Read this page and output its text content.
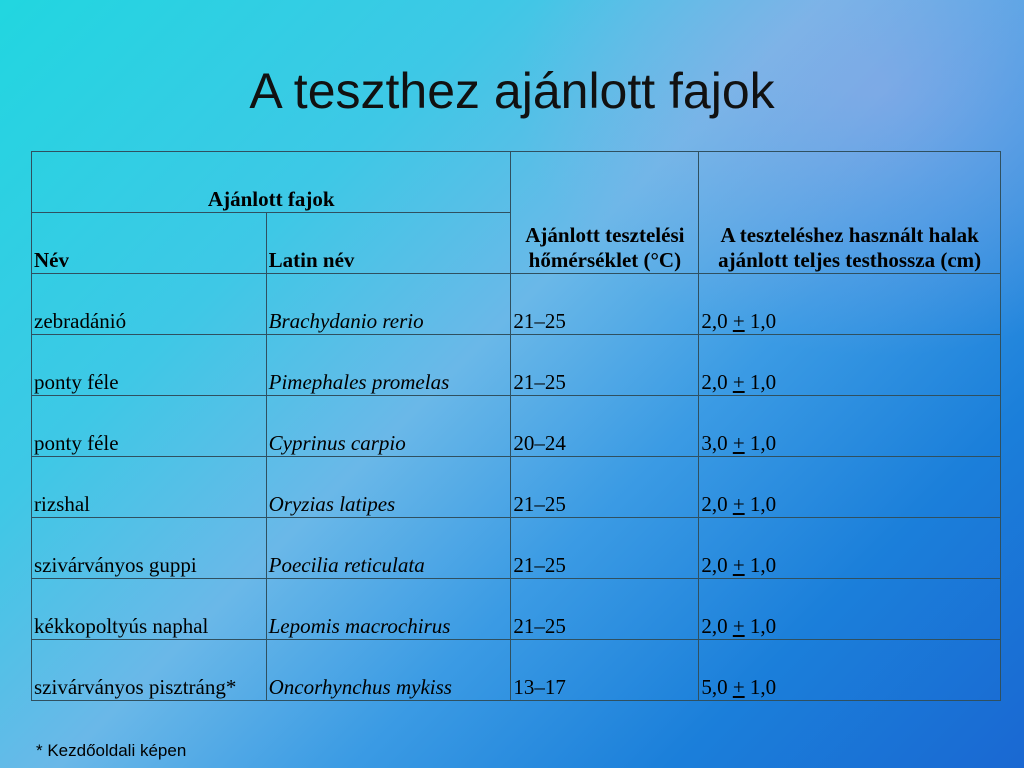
A teszthez ajánlott fajok
Ajánlott fajok		Ajánlott tesztelési hőmérséklet (°C)	A teszteléshez használt halak ajánlott teljes testhossza (cm)
Név	Latin név		
zebradánió	Brachydanio rerio	21–25	2,0 + 1,0
ponty féle	Pimephales promelas	21–25	2,0 + 1,0
ponty féle	Cyprinus carpio	20–24	3,0 + 1,0
rizshal	Oryzias latipes	21–25	2,0 + 1,0
szivárványos guppi	Poecilia reticulata	21–25	2,0 + 1,0
kékkopoltyús naphal	Lepomis macrochirus	21–25	2,0 + 1,0
szivárványos pisztráng*	Oncorhynchus mykiss	13–17	5,0 + 1,0
* Kezdőoldali képen
